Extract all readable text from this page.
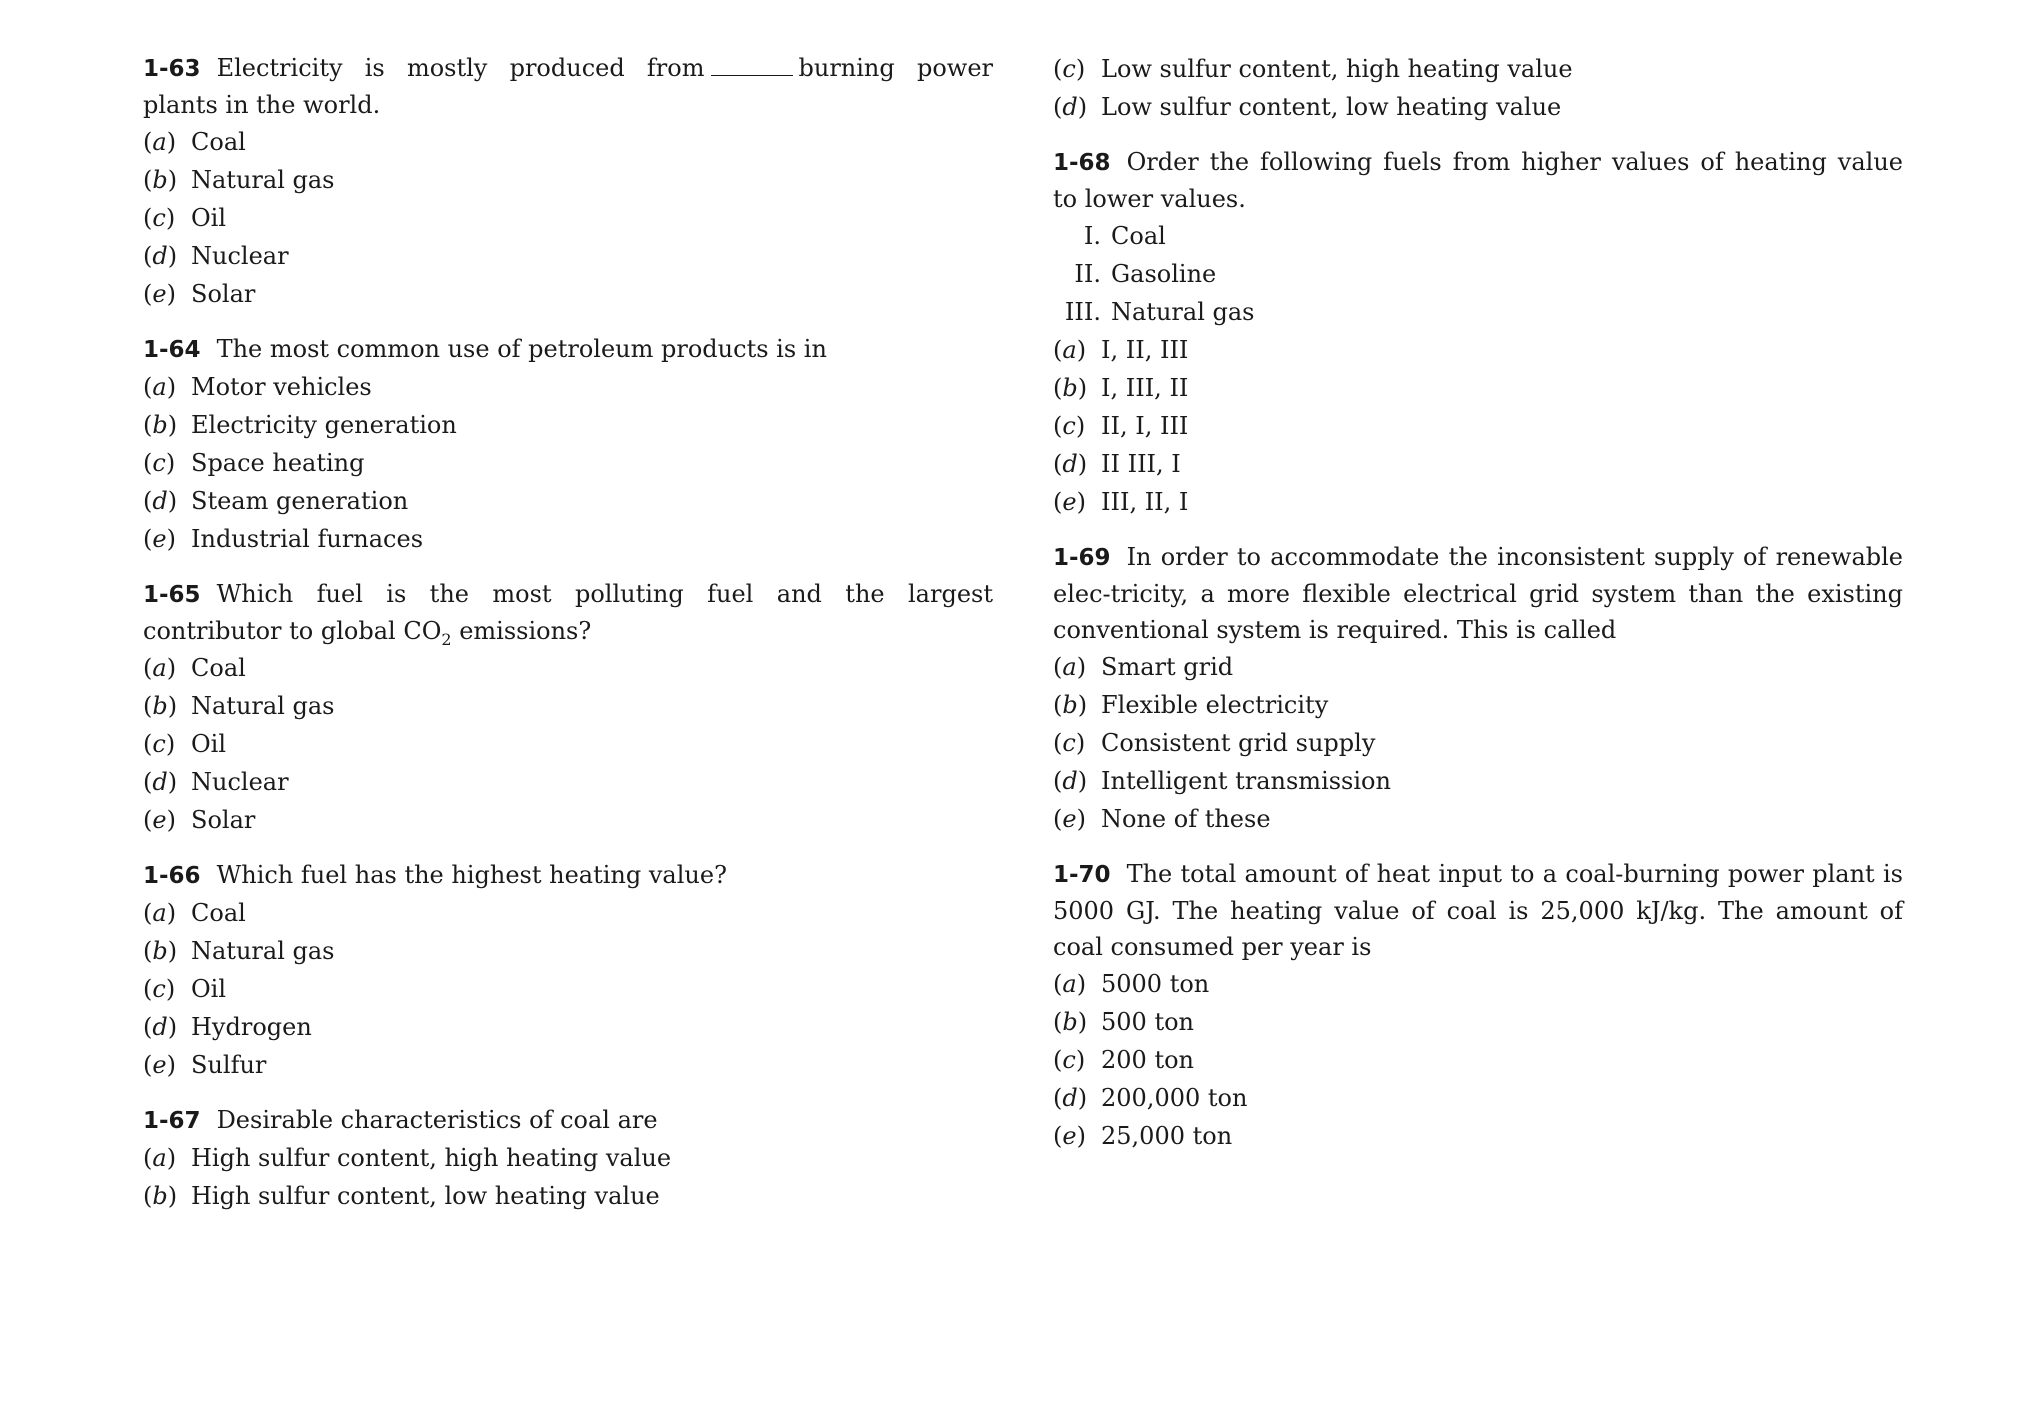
1-63 Electricity is mostly produced from	burning power plants in the world.
(a) Coal
(b) Natural gas
(c) Oil
(d) Nuclear
(e) Solar
1-64 The most common use of petroleum products is in
(a) Motor vehicles
(b) Electricity generation
(c) Space heating
(d) Steam generation
(e) Industrial furnaces
1-65 Which fuel is the most polluting fuel and the largest contributor to global $CO_2$ emissions?
(a) Coal
(b) Natural gas
(c) Oil
(d) Nuclear
(e) Solar
1-66 Which fuel has the highest heating value?
(a) Coal
(b) Natural gas
(c) Oil
(d) Hydrogen
(e) Sulfur
1-67 Desirable characteristics of coal are
(a) High sulfur content, high heating value
(b) High sulfur content, low heating value
(c) Low sulfur content, high heating value
(d) Low sulfur content, low heating value
1-68 Order the following fuels from higher values of heating value to lower values.
I. Coal
II. Gasoline
III. Natural gas
(a) I, II, III
(b) I, III, II
(c) II, I, III
(d) II III, I
(e) III, II, I
1-69 In order to accommodate the inconsistent supply of renewable elec-tricity, a more flexible electrical grid system than the existing conventional system is required. This is called
(a) Smart grid
(b) Flexible electricity
(c) Consistent grid supply
(d) Intelligent transmission
(e) None of these
1-70 The total amount of heat input to a coal-burning power plant is 5000 GJ. The heating value of coal is 25,000 kJ/kg. The amount of coal consumed per year is
(a) 5000 ton
(b) 500 ton
(c) 200 ton
(d) 200,000 ton
(e) 25,000 ton
